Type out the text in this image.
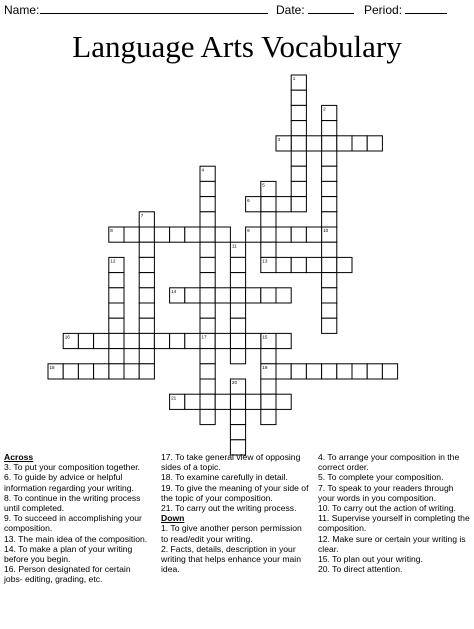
Name:	Date:	Period:
Language Arts Vocabulary
1
2
3
4
5
6
7
8	9	10
11
12	13
14
15
16	17
18	19
20
21
Across
3. To put your composition together.
6. To guide by advice or helpful information regarding your writing.
8. To continue in the writing process until completed.
9. To succeed in accomplishing your composition.
13. The main idea of the composition.
14. To make a plan of your writing before you begin.
16. Person designated for certain jobs- editing, grading, etc.
17. To take general view of opposing sides of a topic.
18. To examine carefully in detail.
19. To give the meaning of your side of the topic of your composition.
21. To carry out the writing process.
Down
1. To give another person permission to read/edit your writing.
2. Facts, details, description in your writing that helps enhance your main idea.
4. To arrange your composition in the correct order.
5. To complete your composition.
7. To speak to your readers through your words in you composition.
10. To carry out the action of writing.
11. Supervise yourself in completing the composition.
12. Make sure or certain your writing is clear.
15. To plan out your writing.
20. To direct attention.
